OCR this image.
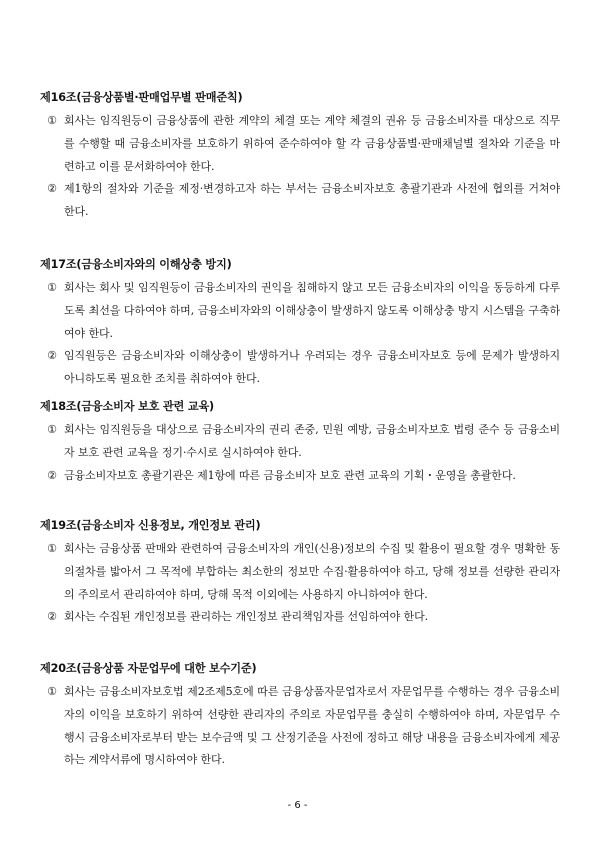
제16조(금융상품별·판매업무별 판매준칙)

① 회사는 임직원등이 금융상품에 관한 계약의 체결 또는 계약 체결의 권유 등 금융소비자를 대상으로 직무를 수행할 때 금융소비자를 보호하기 위하여 준수하여야 할 각 금융상품별·판매채널별 절차와 기준을 마련하고 이를 문서화하여야 한다.

② 제1항의 절차와 기준을 제정·변경하고자 하는 부서는 금융소비자보호 총괄기관과 사전에 협의를 거쳐야 한다.

제17조(금융소비자와의 이해상충 방지)

① 회사는 회사 및 임직원등이 금융소비자의 권익을 침해하지 않고 모든 금융소비자의 이익을 동등하게 다루도록 최선을 다하여야 하며, 금융소비자와의 이해상충이 발생하지 않도록 이해상충 방지 시스템을 구축하여야 한다.

② 임직원등은 금융소비자와 이해상충이 발생하거나 우려되는 경우 금융소비자보호 등에 문제가 발생하지 아니하도록 필요한 조치를 취하여야 한다.

제18조(금융소비자 보호 관련 교육)

① 회사는 임직원등을 대상으로 금융소비자의 권리 존중, 민원 예방, 금융소비자보호 법령 준수 등 금융소비자 보호 관련 교육을 정기·수시로 실시하여야 한다.

② 금융소비자보호 총괄기관은 제1항에 따른 금융소비자 보호 관련 교육의 기획・운영을 총괄한다.

제19조(금융소비자 신용정보, 개인정보 관리)

① 회사는 금융상품 판매와 관련하여 금융소비자의 개인(신용)정보의 수집 및 활용이 필요할 경우 명확한 동의절차를 밟아서 그 목적에 부합하는 최소한의 정보만 수집·활용하여야 하고, 당해 정보를 선량한 관리자의 주의로서 관리하여야 하며, 당해 목적 이외에는 사용하지 아니하여야 한다.

② 회사는 수집된 개인정보를 관리하는 개인정보 관리책임자를 선임하여야 한다.

제20조(금융상품 자문업무에 대한 보수기준)

① 회사는 금융소비자보호법 제2조제5호에 따른 금융상품자문업자로서 자문업무를 수행하는 경우 금융소비자의 이익을 보호하기 위하여 선량한 관리자의 주의로 자문업무를 충실히 수행하여야 하며, 자문업무 수행시 금융소비자로부터 받는 보수금액 및 그 산정기준을 사전에 정하고 해당 내용을 금융소비자에게 제공하는 계약서류에 명시하여야 한다.

- 6 -
